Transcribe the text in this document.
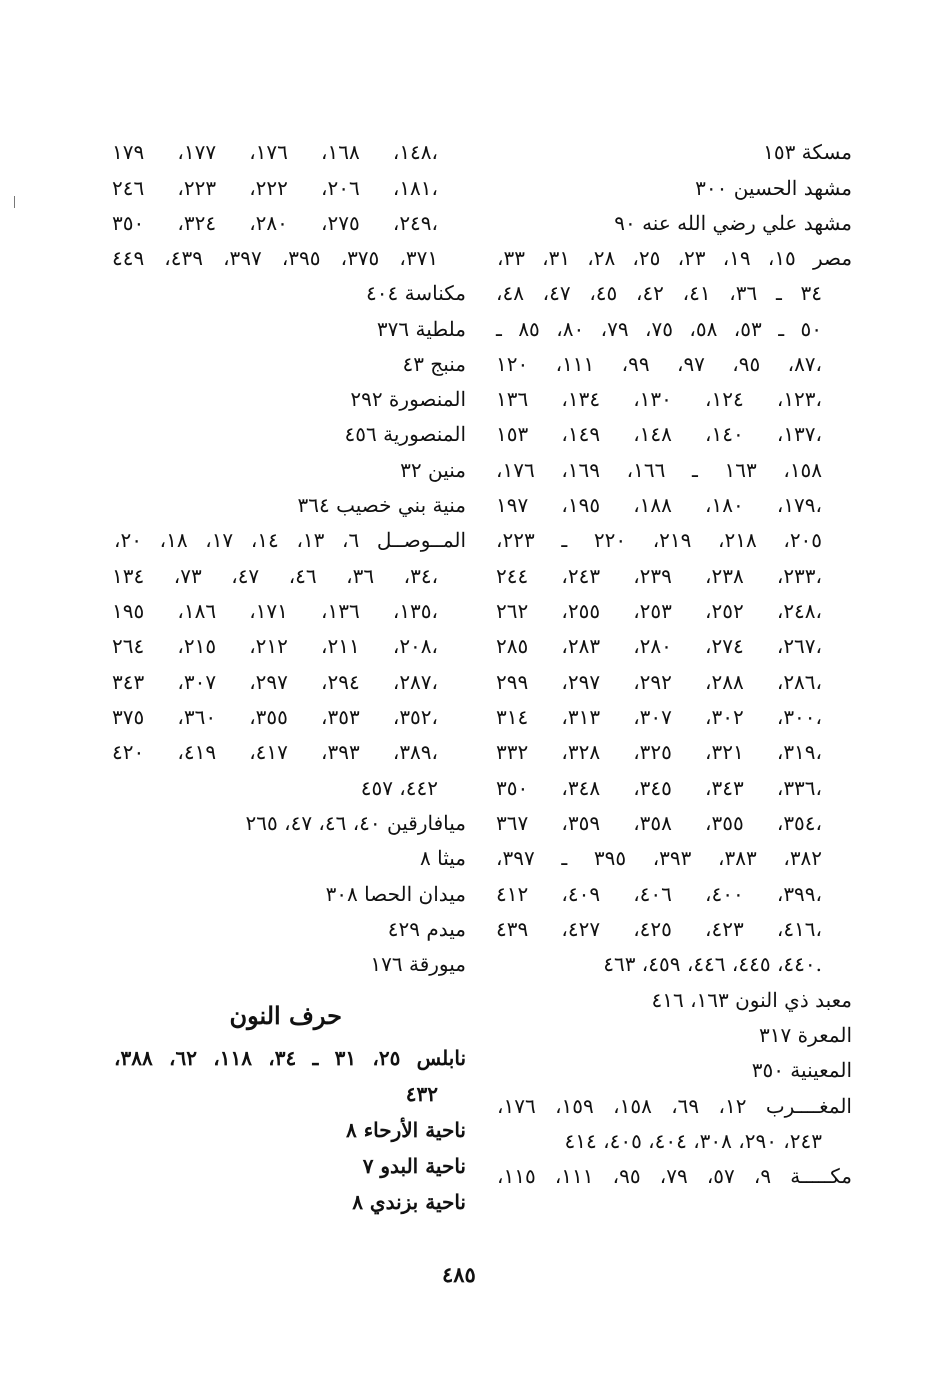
مسكة ١٥٣
مشهد الحسين ٣٠٠
مشهد علي رضي الله عنه ٩٠
مصر ١٥، ١٩، ٢٣، ٢٥، ٢٨، ٣١، ٣٣،
٣٤ ـ ٣٦، ٤١، ٤٢، ٤٥، ٤٧، ٤٨،
٥٠ ـ ٥٣، ٥٨، ٧٥، ٧٩، ٨٠، ٨٥ ـ
٨٧، ٩٥، ٩٧، ٩٩، ١١١، ١٢٠،
١٢٣، ١٢٤، ١٣٠، ١٣٤، ١٣٦،
١٣٧، ١٤٠، ١٤٨، ١٤٩، ١٥٣،
١٥٨، ١٦٣ ـ ١٦٦، ١٦٩، ١٧٦،
١٧٩، ١٨٠، ١٨٨، ١٩٥، ١٩٧،
٢٠٥، ٢١٨، ٢١٩، ٢٢٠ ـ ٢٢٣،
٢٣٣، ٢٣٨، ٢٣٩، ٢٤٣، ٢٤٤،
٢٤٨، ٢٥٢، ٢٥٣، ٢٥٥، ٢٦٢،
٢٦٧، ٢٧٤، ٢٨٠، ٢٨٣، ٢٨٥،
٢٨٦، ٢٨٨، ٢٩٢، ٢٩٧، ٢٩٩،
٣٠٠، ٣٠٢، ٣٠٧، ٣١٣، ٣١٤،
٣١٩، ٣٢١، ٣٢٥، ٣٢٨، ٣٣٢،
٣٣٦، ٣٤٣، ٣٤٥، ٣٤٨، ٣٥٠،
٣٥٤، ٣٥٥، ٣٥٨، ٣٥٩، ٣٦٧،
٣٨٢، ٣٨٣، ٣٩٣، ٣٩٥ ـ ٣٩٧،
٣٩٩، ٤٠٠، ٤٠٦، ٤٠٩، ٤١٢،
٤١٦، ٤٢٣، ٤٢٥، ٤٢٧، ٤٣٩،
٤٤٠، ٤٤٥، ٤٤٦، ٤٥٩، ٤٦٣.
معبد ذي النون ١٦٣، ٤١٦
المعرة ٣١٧
المعينية ٣٥٠
المغــــرب ١٢، ٦٩، ١٥٨، ١٥٩، ١٧٦،
٢٤٣، ٢٩٠، ٣٠٨، ٤٠٤، ٤٠٥، ٤١٤
مكـــــة ٩، ٥٧، ٧٩، ٩٥، ١١١، ١١٥،
١٤٨، ١٦٨، ١٧٦، ١٧٧، ١٧٩،
١٨١، ٢٠٦، ٢٢٢، ٢٢٣، ٢٤٦،
٢٤٩، ٢٧٥، ٢٨٠، ٣٢٤، ٣٥٠،
٣٧١، ٣٧٥، ٣٩٥، ٣٩٧، ٤٣٩، ٤٤٩
مكناسة ٤٠٤
ملطية ٣٧٦
منبج ٤٣
المنصورة ٢٩٢
المنصورية ٤٥٦
منين ٣٢
منية بني خصيب ٣٦٤
المــوصــل ٦، ١٣، ١٤، ١٧، ١٨، ٢٠،
٣٤، ٣٦، ٤٦، ٤٧، ٧٣، ١٣٤،
١٣٥، ١٣٦، ١٧١، ١٨٦، ١٩٥،
٢٠٨، ٢١١، ٢١٢، ٢١٥، ٢٦٤،
٢٨٧، ٢٩٤، ٢٩٧، ٣٠٧، ٣٤٣،
٣٥٢، ٣٥٣، ٣٥٥، ٣٦٠، ٣٧٥،
٣٨٩، ٣٩٣، ٤١٧، ٤١٩، ٤٢٠،
٤٤٢، ٤٥٧
ميافارقين ٤٠، ٤٦، ٤٧، ٢٦٥
ميثا ٨
ميدان الحصا ٣٠٨
ميدم ٤٢٩
ميورقة ١٧٦
حرف النون
نابلس ٢٥، ٣١ ـ ٣٤، ١١٨، ٦٢، ٣٨٨،
٤٣٢
ناحية الأرحاء ٨
ناحية البدو ٧
ناحية بزندي ٨
٤٨٥
